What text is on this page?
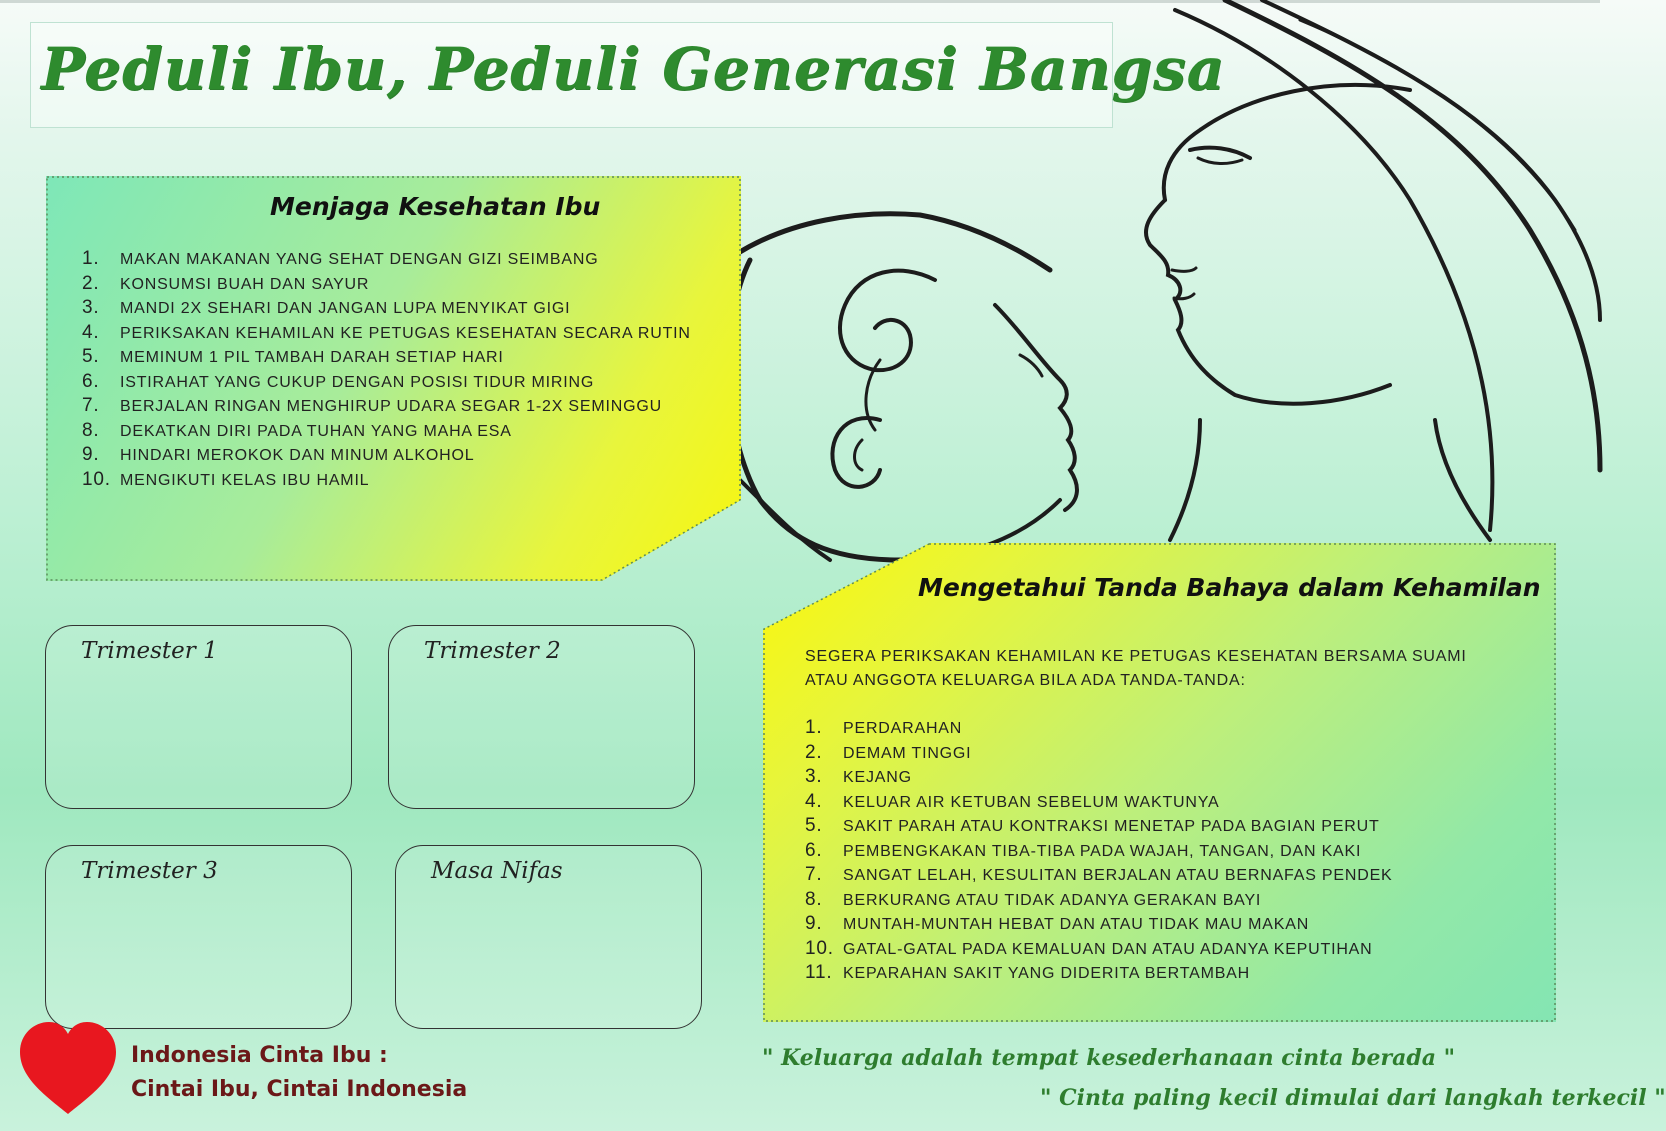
Peduli Ibu, Peduli Generasi Bangsa
Menjaga Kesehatan Ibu
1. MAKAN MAKANAN YANG SEHAT DENGAN GIZI SEIMBANG
2. KONSUMSI BUAH DAN SAYUR
3. MANDI 2X SEHARI DAN JANGAN LUPA MENYIKAT GIGI
4. PERIKSAKAN KEHAMILAN KE PETUGAS KESEHATAN SECARA RUTIN
5. MEMINUM 1 PIL TAMBAH DARAH SETIAP HARI
6. ISTIRAHAT YANG CUKUP DENGAN POSISI TIDUR MIRING
7. BERJALAN RINGAN MENGHIRUP UDARA SEGAR 1-2X SEMINGGU
8. DEKATKAN DIRI PADA TUHAN YANG MAHA ESA
9. HINDARI MEROKOK DAN MINUM ALKOHOL
10. MENGIKUTI KELAS IBU HAMIL
Mengetahui Tanda Bahaya dalam Kehamilan
SEGERA PERIKSAKAN KEHAMILAN KE PETUGAS KESEHATAN BERSAMA SUAMI ATAU ANGGOTA KELUARGA BILA ADA TANDA-TANDA:
1. PERDARAHAN
2. DEMAM TINGGI
3. KEJANG
4. KELUAR AIR KETUBAN SEBELUM WAKTUNYA
5. SAKIT PARAH ATAU KONTRAKSI MENETAP PADA BAGIAN PERUT
6. PEMBENGKAKAN TIBA-TIBA PADA WAJAH, TANGAN, DAN KAKI
7. SANGAT LELAH, KESULITAN BERJALAN ATAU BERNAFAS PENDEK
8. BERKURANG ATAU TIDAK ADANYA GERAKAN BAYI
9. MUNTAH-MUNTAH HEBAT DAN ATAU TIDAK MAU MAKAN
10. GATAL-GATAL PADA KEMALUAN DAN ATAU ADANYA KEPUTIHAN
11. KEPARAHAN SAKIT YANG DIDERITA BERTAMBAH
Trimester 1	Trimester 2
Trimester 3	Masa Nifas
Indonesia Cinta Ibu :
Cintai Ibu, Cintai Indonesia
" Keluarga adalah tempat kesederhanaan cinta berada "
" Cinta paling kecil dimulai dari langkah terkecil "
